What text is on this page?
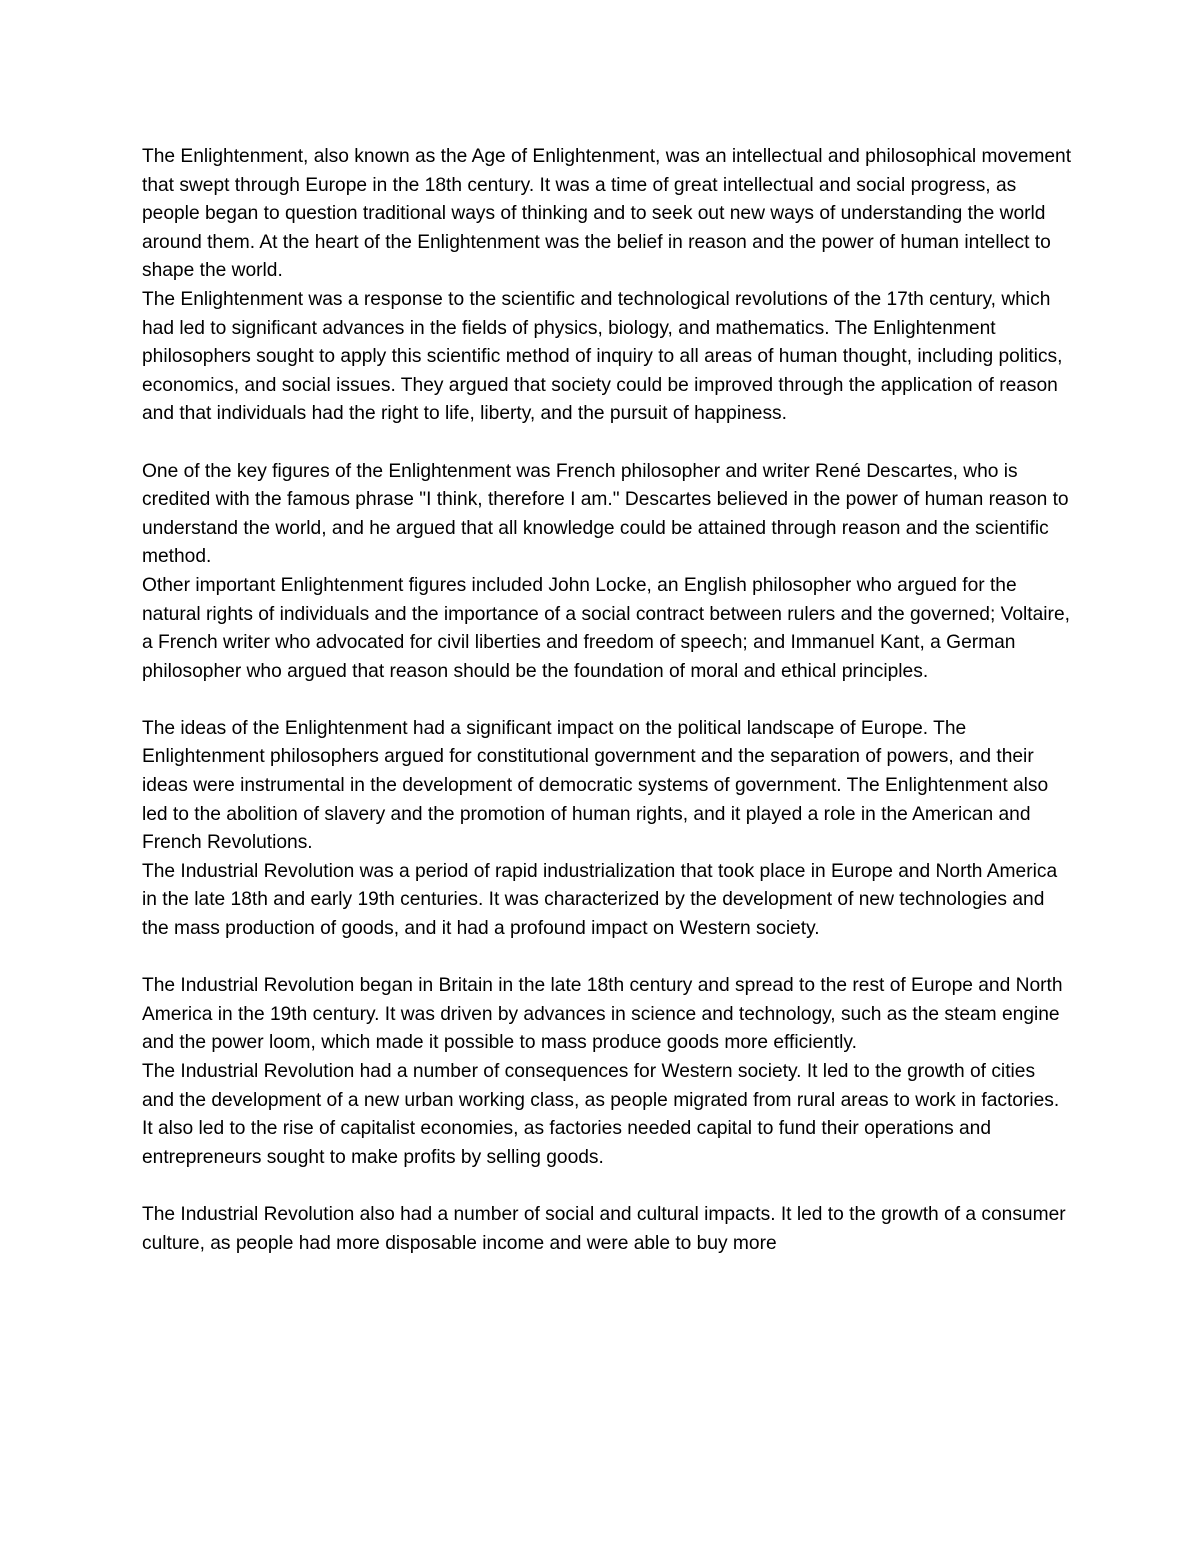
The Enlightenment, also known as the Age of Enlightenment, was an intellectual and philosophical movement that swept through Europe in the 18th century. It was a time of great intellectual and social progress, as people began to question traditional ways of thinking and to seek out new ways of understanding the world around them. At the heart of the Enlightenment was the belief in reason and the power of human intellect to shape the world.

The Enlightenment was a response to the scientific and technological revolutions of the 17th century, which had led to significant advances in the fields of physics, biology, and mathematics. The Enlightenment philosophers sought to apply this scientific method of inquiry to all areas of human thought, including politics, economics, and social issues. They argued that society could be improved through the application of reason and that individuals had the right to life, liberty, and the pursuit of happiness.

One of the key figures of the Enlightenment was French philosopher and writer René Descartes, who is credited with the famous phrase "I think, therefore I am." Descartes believed in the power of human reason to understand the world, and he argued that all knowledge could be attained through reason and the scientific method.

Other important Enlightenment figures included John Locke, an English philosopher who argued for the natural rights of individuals and the importance of a social contract between rulers and the governed; Voltaire, a French writer who advocated for civil liberties and freedom of speech; and Immanuel Kant, a German philosopher who argued that reason should be the foundation of moral and ethical principles.

The ideas of the Enlightenment had a significant impact on the political landscape of Europe. The Enlightenment philosophers argued for constitutional government and the separation of powers, and their ideas were instrumental in the development of democratic systems of government. The Enlightenment also led to the abolition of slavery and the promotion of human rights, and it played a role in the American and French Revolutions.

The Industrial Revolution was a period of rapid industrialization that took place in Europe and North America in the late 18th and early 19th centuries. It was characterized by the development of new technologies and the mass production of goods, and it had a profound impact on Western society.

The Industrial Revolution began in Britain in the late 18th century and spread to the rest of Europe and North America in the 19th century. It was driven by advances in science and technology, such as the steam engine and the power loom, which made it possible to mass produce goods more efficiently.

The Industrial Revolution had a number of consequences for Western society. It led to the growth of cities and the development of a new urban working class, as people migrated from rural areas to work in factories. It also led to the rise of capitalist economies, as factories needed capital to fund their operations and entrepreneurs sought to make profits by selling goods.

The Industrial Revolution also had a number of social and cultural impacts. It led to the growth of a consumer culture, as people had more disposable income and were able to buy more
